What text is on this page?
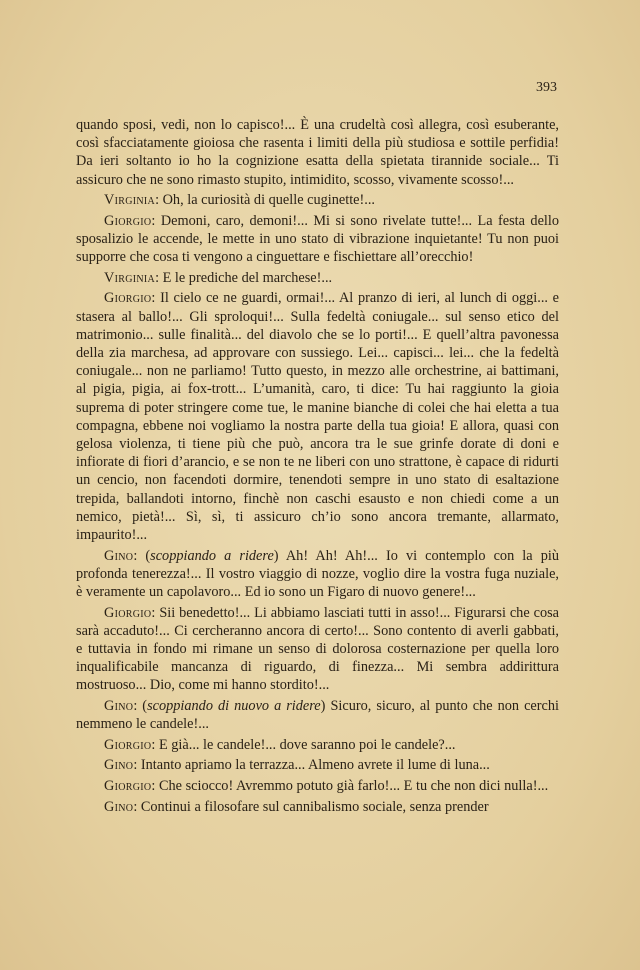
393

quando sposi, vedi, non lo capisco!... È una crudeltà così allegra, così esuberante, così sfacciatamente gioiosa che rasenta i limiti della più studiosa e sottile perfidia! Da ieri soltanto io ho la cognizione esatta della spietata tirannide sociale... Ti assicuro che ne sono rimasto stupito, intimidito, scosso, vivamente scosso!...

Virginia: Oh, la curiosità di quelle cuginette!...

Giorgio: Demoni, caro, demoni!... Mi si sono rivelate tutte!... La festa dello sposalizio le accende, le mette in uno stato di vibrazione inquietante! Tu non puoi supporre che cosa ti vengono a cinguettare e fischiettare all’orecchio!

Virginia: E le prediche del marchese!...

Giorgio: Il cielo ce ne guardi, ormai!... Al pranzo di ieri, al lunch di oggi... e stasera al ballo!... Gli sproloqui!... Sulla fedeltà coniugale... sul senso etico del matrimonio... sulle finalità... del diavolo che se lo porti!... E quell’altra pavonessa della zia marchesa, ad approvare con sussiego. Lei... capisci... lei... che la fedeltà coniugale... non ne parliamo! Tutto questo, in mezzo alle orchestrine, ai battimani, al pigia, pigia, ai fox-trott... L’umanità, caro, ti dice: Tu hai raggiunto la gioia suprema di poter stringere come tue, le manine bianche di colei che hai eletta a tua compagna, ebbene noi vogliamo la nostra parte della tua gioia! E allora, quasi con gelosa violenza, ti tiene più che può, ancora tra le sue grinfe dorate di doni e infiorate di fiori d’arancio, e se non te ne liberi con uno strattone, è capace di ridurti un cencio, non facendoti dormire, tenendoti sempre in uno stato di esaltazione trepida, ballandoti intorno, finchè non caschi esausto e non chiedi come a un nemico, pietà!... Sì, sì, ti assicuro ch’io sono ancora tremante, allarmato, impaurito!...

Gino: (scoppiando a ridere) Ah! Ah! Ah!... Io vi contemplo con la più profonda tenerezza!... Il vostro viaggio di nozze, voglio dire la vostra fuga nuziale, è veramente un capolavoro... Ed io sono un Figaro di nuovo genere!...

Giorgio: Sii benedetto!... Li abbiamo lasciati tutti in asso!... Figurarsi che cosa sarà accaduto!... Ci cercheranno ancora di certo!... Sono contento di averli gabbati, e tuttavia in fondo mi rimane un senso di dolorosa costernazione per quella loro inqualificabile mancanza di riguardo, di finezza... Mi sembra addirittura mostruoso... Dio, come mi hanno stordito!...

Gino: (scoppiando di nuovo a ridere) Sicuro, sicuro, al punto che non cerchi nemmeno le candele!...

Giorgio: E già... le candele!... dove saranno poi le candele?...

Gino: Intanto apriamo la terrazza... Almeno avrete il lume di luna...

Giorgio: Che sciocco! Avremmo potuto già farlo!... E tu che non dici nulla!...

Gino: Continui a filosofare sul cannibalismo sociale, senza prender
